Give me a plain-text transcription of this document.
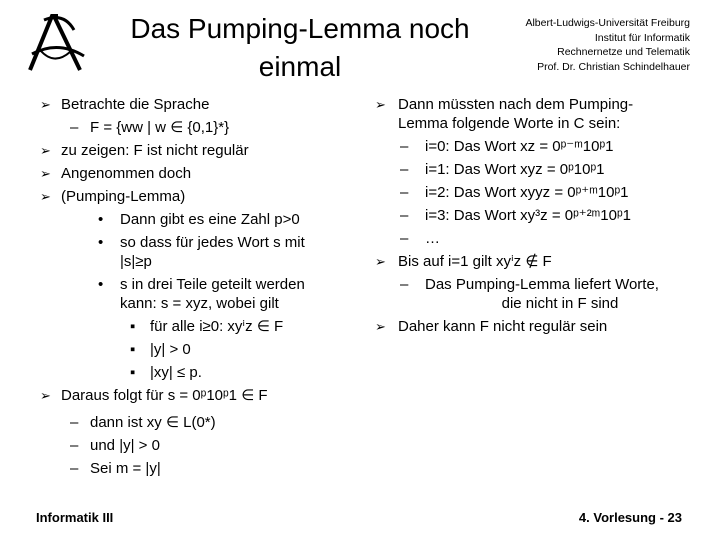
Das Pumping-Lemma noch einmal
Albert-Ludwigs-Universität Freiburg
Institut für Informatik
Rechnernetze und Telematik
Prof. Dr. Christian Schindelhauer
➢ Betrachte die Sprache
– F = {ww | w ∈ {0,1}*}
➢ zu zeigen: F ist nicht regulär
➢ Angenommen doch
➢ (Pumping-Lemma)
• Dann gibt es eine Zahl p>0
• so dass für jedes Wort s mit
|s|≥p
• s in drei Teile geteilt werden
kann: s = xyz, wobei gilt
▪ für alle i≥0: xyⁱz ∈ F
▪ |y| > 0
▪ |xy| ≤ p.
➢ Daraus folgt für s = 0ᵖ10ᵖ1 ∈ F
– dann ist xy ∈ L(0*)
– und |y| > 0
– Sei m = |y|
➢ Dann müssten nach dem Pumping-
Lemma folgende Worte in C sein:
– i=0: Das Wort xz = 0ᵖ⁻ᵐ10ᵖ1
– i=1: Das Wort xyz = 0ᵖ10ᵖ1
– i=2: Das Wort xyyz = 0ᵖ⁺ᵐ10ᵖ1
– i=3: Das Wort xy³z = 0ᵖ⁺²ᵐ10ᵖ1
– …
➢ Bis auf i=1 gilt xyⁱz ∉ F
– Das Pumping-Lemma liefert Worte,
die nicht in F sind
➢ Daher kann F nicht regulär sein
Informatik III	4. Vorlesung - 23
